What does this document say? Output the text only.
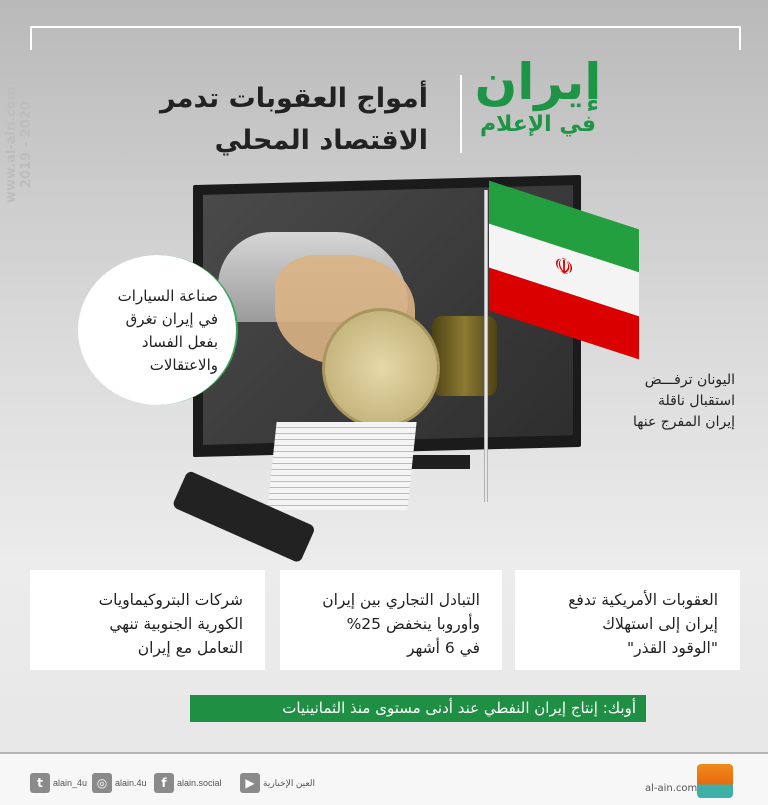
www.al-ain.com
2019 - 2020
إيران
في الإعلام
أمواج العقوبات تدمر
الاقتصاد المحلي
☫
صناعة السيارات
في إيران تغرق
بفعل الفساد
والاعتقالات
اليونان ترفـــض
استقبال ناقلة
إيران المفرج عنها
العقوبات الأمريكية تدفع
إيران إلى استهلاك
"الوقود القذر"
التبادل التجاري بين إيران
وأوروبا ينخفض 25%
في 6 أشهر
شركات البتروكيماويات
الكورية الجنوبية تنهي
التعامل مع إيران
أوبك: إنتاج إيران النفطي عند أدنى مستوى منذ الثمانينيات
t	alain_4u ◎ alain.4u	f	alain.social	▶ العين الإخبارية
al-ain.com
